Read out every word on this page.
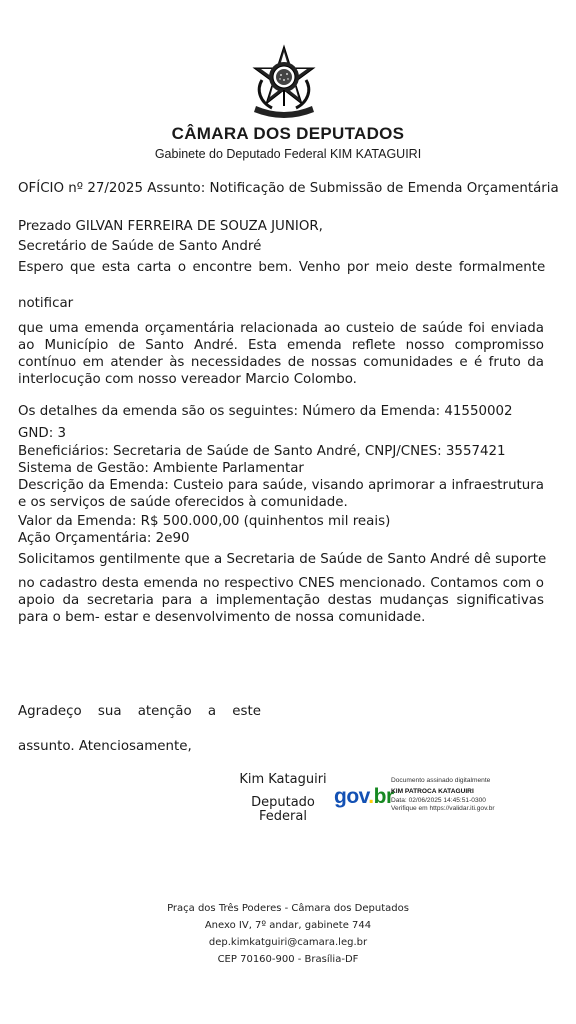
CÂMARA DOS DEPUTADOS
Gabinete do Deputado Federal KIM KATAGUIRI
OFÍCIO nº 27/2025 Assunto: Notificação de Submissão de Emenda Orçamentária
Prezado GILVAN FERREIRA DE SOUZA JUNIOR,
Secretário de Saúde de Santo André
Espero que esta carta o encontre bem. Venho por meio deste formalmente
notificar
que uma emenda orçamentária relacionada ao custeio de saúde foi enviada ao Município de Santo André. Esta emenda reflete nosso compromisso contínuo em atender às necessidades de nossas comunidades e é fruto da interlocução com nosso vereador Marcio Colombo.
Os detalhes da emenda são os seguintes: Número da Emenda: 41550002
GND: 3
Beneficiários: Secretaria de Saúde de Santo André, CNPJ/CNES: 3557421
Sistema de Gestão: Ambiente Parlamentar
Descrição da Emenda: Custeio para saúde, visando aprimorar a infraestrutura e os serviços de saúde oferecidos à comunidade.
Valor da Emenda: R$ 500.000,00 (quinhentos mil reais)
Ação Orçamentária: 2e90
Solicitamos gentilmente que a Secretaria de Saúde de Santo André dê suporte
no cadastro desta emenda no respectivo CNES mencionado. Contamos com o apoio da secretaria para a implementação destas mudanças significativas para o bem- estar e desenvolvimento de nossa comunidade.
Agradeço sua atenção a este
assunto. Atenciosamente,
Kim Kataguiri
Deputado
Federal
gov.br
Documento assinado digitalmente
KIM PATROCA KATAGUIRI
Data: 02/06/2025 14:45:51-0300
Verifique em https://validar.iti.gov.br
Praça dos Três Poderes - Câmara dos Deputados
Anexo IV, 7º andar, gabinete 744
dep.kimkatguiri@camara.leg.br
CEP 70160-900 - Brasília-DF
